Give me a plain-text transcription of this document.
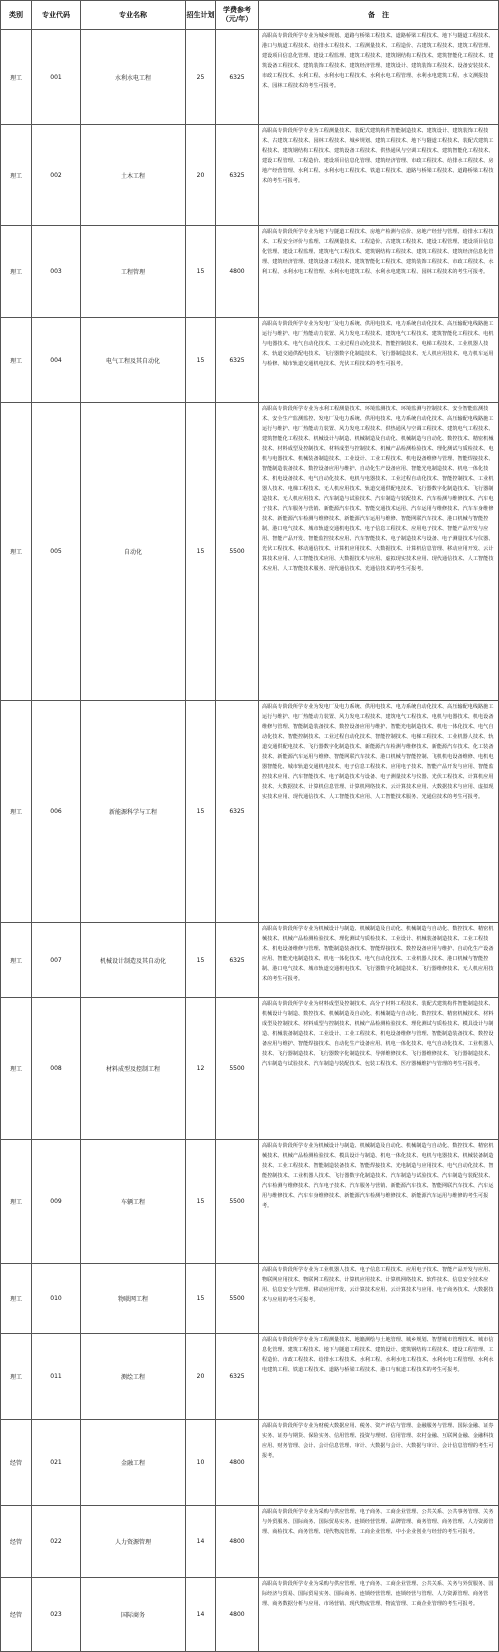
类别	专业代码	专业名称	招生计划	学费参考（元/年）	备　注
理工	001	水利水电工程	25	6325	高职高专阶段所学专业为城乡规划、道路与桥梁工程技术、道路桥梁工程技术、地下与隧道工程技术、港口与航道工程技术、给排水工程技术、工程测量技术、工程造价、古建筑工程技术、建筑工程管理、建设项目信息化管理、建设工程监理、建筑工程技术、建筑钢结构工程技术、建筑智能化工程技术、建筑设备工程技术、建筑装饰工程技术、建筑经济管理、建筑设计、建筑装饰工程技术、设备安装技术、市政工程技术、水利工程、水利水电工程技术、水利水电工程管理、水利水电建筑工程、水文测报技术、园林工程技术的考生可报考。
理工	002	土木工程	20	6325	高职高专阶段所学专业为工程测量技术、装配式建筑构件智能制造技术、建筑设计、建筑装饰工程技术、古建筑工程技术、园林工程技术、城乡规划、建筑工程技术、地下与隧道工程技术、装配式建筑工程技术、建筑钢结构工程技术、建筑设备工程技术、供热通风与空调工程技术、建筑智能化工程技术、建设工程管理、工程造价、建设项目信息化管理、建筑经济管理、市政工程技术、给排水工程技术、房地产经营管理、水利工程、水利水电工程技术、铁道工程技术、道路与桥梁工程技术、道路桥梁工程技术的考生可报考。
理工	003	工程管理	15	4800	高职高专阶段所学专业为地下与隧道工程技术、房地产检测与估价、房地产经营与管理、给排水工程技术、工程安全评价与监理、工程测量技术、工程造价、古建筑工程技术、建设工程管理、建设项目信息化管理、建设工程监理、建筑电气工程技术、建筑钢结构工程技术、建筑工程技术、建筑经济信息化管理、建筑经济管理、建筑设备工程技术、建筑智能化工程技术、建筑装饰工程技术、市政工程技术、水利工程、水利水电工程管理、水利水电建筑工程、水利水电建筑工程、园林工程技术的考生可报考。
理工	004	电气工程及其自动化	15	6325	高职高专阶段所学专业为发电厂及电力系统、供用电技术、电力系统自动化技术、高压输配电线路施工运行与维护、电厂热能动力装置、风力发电工程技术、建筑电气工程技术、建筑智能化工程技术、电机与电器技术、电气自动化技术、工业过程自动化技术、智能控制技术、电梯工程技术、工业机器人技术、轨道交通供配电技术、飞行器数字化制造技术、飞行器制造技术、无人机应用技术、电力机车运用与检修、城市轨道交通机电技术、光伏工程技术的考生可报考。
理工	005	自动化	15	5500	高职高专阶段所学专业为水利工程测量技术、环境监测技术、环境监测与控制技术、安全智能监测技术、安全生产监测监控、发电厂及电力系统、供用电技术、电力系统自动化技术、高压输配电线路施工运行与维护、电厂热能动力装置、风力发电工程技术、供热通风与空调工程技术、建筑电气工程技术、建筑智能化工程技术、机械设计与制造、机械制造及自动化、机械制造与自动化、数控技术、精密机械技术、材料成型及控制技术、材料成型与控制技术、机械产品检测检验技术、理化测试与质检技术、电机与电器技术、机械装备制造技术、工业设计、工业工程技术、机电设备维修与管理、智能焊接技术、智能制造装备技术、数控设备应用与维护、自动化生产设备应用、智能光电制造技术、机电一体化技术、机电设备技术、电气自动化技术、电机与电器技术、工业过程自动化技术、智能控制技术、工业机器人技术、电梯工程技术、无人机应用技术、轨道交通供配电技术、飞行器数字化制造技术、飞行器制造技术、无人机应用技术、汽车制造与试验技术、汽车制造与装配技术、汽车检测与维修技术、汽车电子技术、汽车服务与营销、新能源汽车技术、智能交通技术运用、汽车运用与维修技术、汽车车身维修技术、新能源汽车检测与维修技术、新能源汽车运用与维修、智能网联汽车技术、港口机械与智能控制、港口电气技术、城市轨道交通机电技术、电子信息工程技术、应用电子技术、智能产品开发与应用、智能产品开发、智能监控技术应用、汽车智能技术、电子制造技术与设备、电子测量技术与仪器、光伏工程技术、移动通信技术、计算机应用技术、大数据技术、计算机信息管理、移动应用开发、云计算技术应用、人工智能技术应用、大数据技术与应用、虚拟现实技术应用、现代通信技术、人工智能技术应用、人工智能技术服务、现代通信技术、光通信技术的考生可报考。
理工	006	新能源科学与工程	15	6325	高职高专阶段所学专业为发电厂及电力系统、供用电技术、电力系统自动化技术、高压输配电线路施工运行与维护、电厂热能动力装置、风力发电工程技术、建筑电气工程技术、电机与电器技术、机电设备维修与管理、智能制造装备技术、数控设备应用与维护、智能光电制造技术、机电一体化技术、电气自动化技术、智能控制技术、工业过程自动化技术、智能控制技术、电梯工程技术、工业机器人技术、轨道交通供配电技术、飞行器数字化制造技术、新能源汽车检测与维修技术、新能源汽车技术、化工装备技术、新能源汽车运用与维修、智能网联汽车技术、港口机械与智能控制、飞机机电设备维修、电机电器智能化、城市轨道交通机电技术、电子信息工程技术、应用电子技术、智能产品开发与应用、智能监控技术应用、汽车智能技术、电子制造技术与设备、电子测量技术与仪器、光伏工程技术、计算机应用技术、大数据技术、计算机信息管理、计算机网络技术、云计算技术应用、大数据技术与应用、虚拟现实技术应用、现代通信技术、人工智能技术应用、人工智能技术服务、光通信技术的考生可报考。
理工	007	机械设计制造及其自动化	15	6325	高职高专阶段所学专业为机械设计与制造、机械制造及自动化、机械制造与自动化、数控技术、精密机械技术、机械产品检测检验技术、理化测试与质检技术、工业设计、机械装备制造技术、工业工程技术、机电设备维修与管理、智能制造装备技术、智能焊接技术、数控设备应用与维护、自动化生产设备应用、智能光电制造技术、机电一体化技术、电气自动化技术、工业机器人技术、港口机械与智能控制、港口电气技术、城市轨道交通机电技术、飞行器数字化制造技术、飞行器维修技术、无人机应用技术的考生可报考。
理工	008	材料成型及控制工程	12	5500	高职高专阶段所学专业为材料成型及控制技术、高分子材料工程技术、装配式建筑构件智能制造技术、机械设计与制造、数控技术、机械制造及自动化、机械制造与自动化、数控技术、精密机械技术、材料成型及控制技术、材料成型与控制技术、机械产品检测检验技术、理化测试与质检技术、模具设计与制造、机械装备制造技术、工业设计、工业工程技术、机电设备维修与管理、智能制造装备技术、数控设备应用与维护、智能焊接技术、自动化生产设备应用、机电一体化技术、电气自动化技术、工业机器人技术、飞行器制造技术、飞行器数字化制造技术、导弹维修技术、飞行器维修技术、飞行器制造技术、汽车制造与试验技术、汽车制造与装配技术、包装工程技术、医疗器械维护与管理的考生可报考。
理工	009	车辆工程	15	5500	高职高专阶段所学专业为机械设计与制造、机械制造及自动化、机械制造与自动化、数控技术、精密机械技术、机械产品检测检验技术、模具设计与制造、机电一体化技术、电机与电器技术、机械装备制造技术、工业工程技术、智能制造装备技术、智能焊接技术、光电制造与应用技术、电气自动化技术、智能控制技术、工业机器人技术、飞行器数字化制造技术、汽车制造与试验技术、汽车制造与装配技术、汽车检测与维修技术、汽车电子技术、汽车服务与营销、新能源汽车技术、智能网联汽车技术、汽车运用与维修技术、汽车车身维修技术、新能源汽车检测与维修技术、新能源汽车运用与维修的考生可报考。
理工	010	物联网工程	15	5500	高职高专阶段所学专业为工业机器人技术、电子信息工程技术、应用电子技术、智能产品开发与应用、物联网应用技术、物联网工程技术、计算机应用技术、计算机网络技术、软件技术、信息安全技术应用、信息安全与管理、移动应用开发、云计算技术应用、云计算技术与应用、电子商务技术、大数据技术与应用的考生可报考。
理工	011	测绘工程	20	6325	高职高专阶段所学专业为工程测量技术、地籍测绘与土地管理、城乡规划、智慧城市管理技术、城市信息化管理、建筑工程技术、地下与隧道工程技术、建筑设计、建筑钢结构工程技术、建设工程管理、工程造价、市政工程技术、给排水工程技术、水利工程、水利水电工程技术、水利水电工程管理、水利水电建筑工程、铁道工程技术、道路与桥梁工程技术、港口与航道工程技术的考生可报考。
经管	021	金融工程	10	4800	高职高专阶段所学专业为财税大数据应用、税务、资产评估与管理、金融服务与管理、国际金融、证券实务、证券与期货、保险实务、信用管理、投资与理财、信用管理、农村金融、互联网金融、金融科技应用、财务管理、会计、会计信息管理、审计、大数据与会计、大数据与审计、会计信息管理的考生可报考。
经管	022	人力资源管理	14	4800	高职高专阶段所学专业为采购与供应管理、电子商务、工商企业管理、公共关系、公共事务管理、关务与外贸服务、国际商务、国际贸易实务、连锁经营管理、品牌管理、商务管理、商务管理、人力资源管理、商检技术、商务管理、现代物流管理、工商企业管理、中小企业创业与经营的考生可报考。
经管	023	国际商务	14	4800	高职高专阶段所学专业为采购与供应管理、电子商务、工商企业管理、公共关系、关务与外贸服务、国际经济与贸易、国际贸易实务、国际商务、连锁经营管理、连锁经营与管理、人力资源管理、商务管理、商务数据分析与应用、市场营销、现代物流管理、物流管理、工商企业管理的考生可报考。
